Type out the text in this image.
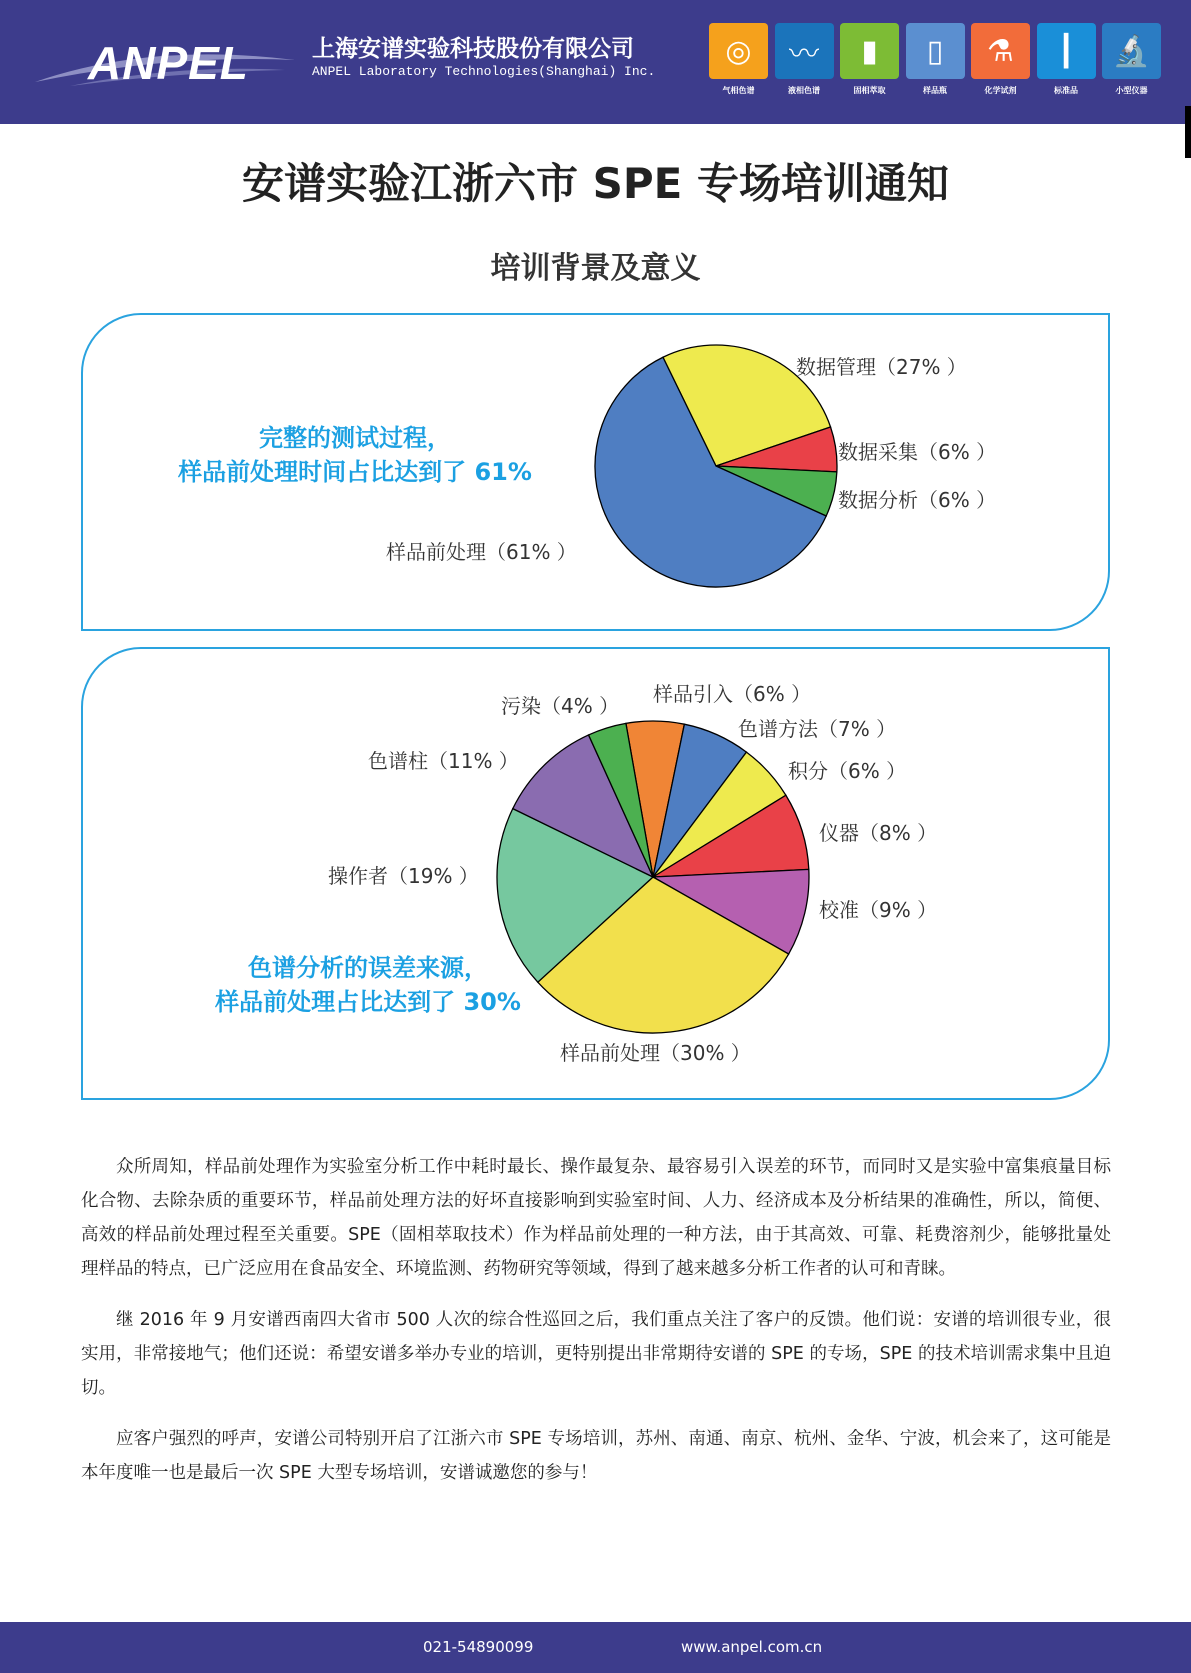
ANPEL	上海安谱实验科技股份有限公司
ANPEL Laboratory Technologies(Shanghai) Inc.
◎
气相色谱
〰
液相色谱
▮
固相萃取
▯
样品瓶
⚗
化学试剂
┃
标准品
🔬
小型仪器
安谱实验江浙六市 SPE 专场培训通知
培训背景及意义
数据管理（27% ）
数据采集（6% ）
数据分析（6% ）
样品前处理（61% ）
完整的测试过程，
样品前处理时间占比达到了 61%
样品引入（6% ）
色谱方法（7% ）
积分（6% ）
仪器（8% ）
校准（9% ）
样品前处理（30% ）
操作者（19% ）
色谱柱（11% ）
污染（4% ）
色谱分析的误差来源，
样品前处理占比达到了 30%

众所周知，样品前处理作为实验室分析工作中耗时最长、操作最复杂、最容易引入误差的环节，而同时又是实验中富集痕量目标化合物、去除杂质的重要环节，样品前处理方法的好坏直接影响到实验室时间、人力、经济成本及分析结果的准确性，所以，简便、高效的样品前处理过程至关重要。SPE（固相萃取技术）作为样品前处理的一种方法，由于其高效、可靠、耗费溶剂少，能够批量处理样品的特点，已广泛应用在食品安全、环境监测、药物研究等领域，得到了越来越多分析工作者的认可和青睐。

继 2016 年 9 月安谱西南四大省市 500 人次的综合性巡回之后，我们重点关注了客户的反馈。他们说：安谱的培训很专业，很实用，非常接地气；他们还说：希望安谱多举办专业的培训，更特别提出非常期待安谱的 SPE 的专场，SPE 的技术培训需求集中且迫切。

应客户强烈的呼声，安谱公司特别开启了江浙六市 SPE 专场培训，苏州、南通、南京、杭州、金华、宁波，机会来了，这可能是本年度唯一也是最后一次 SPE 大型专场培训，安谱诚邀您的参与！

021-54890099	www.anpel.com.cn
